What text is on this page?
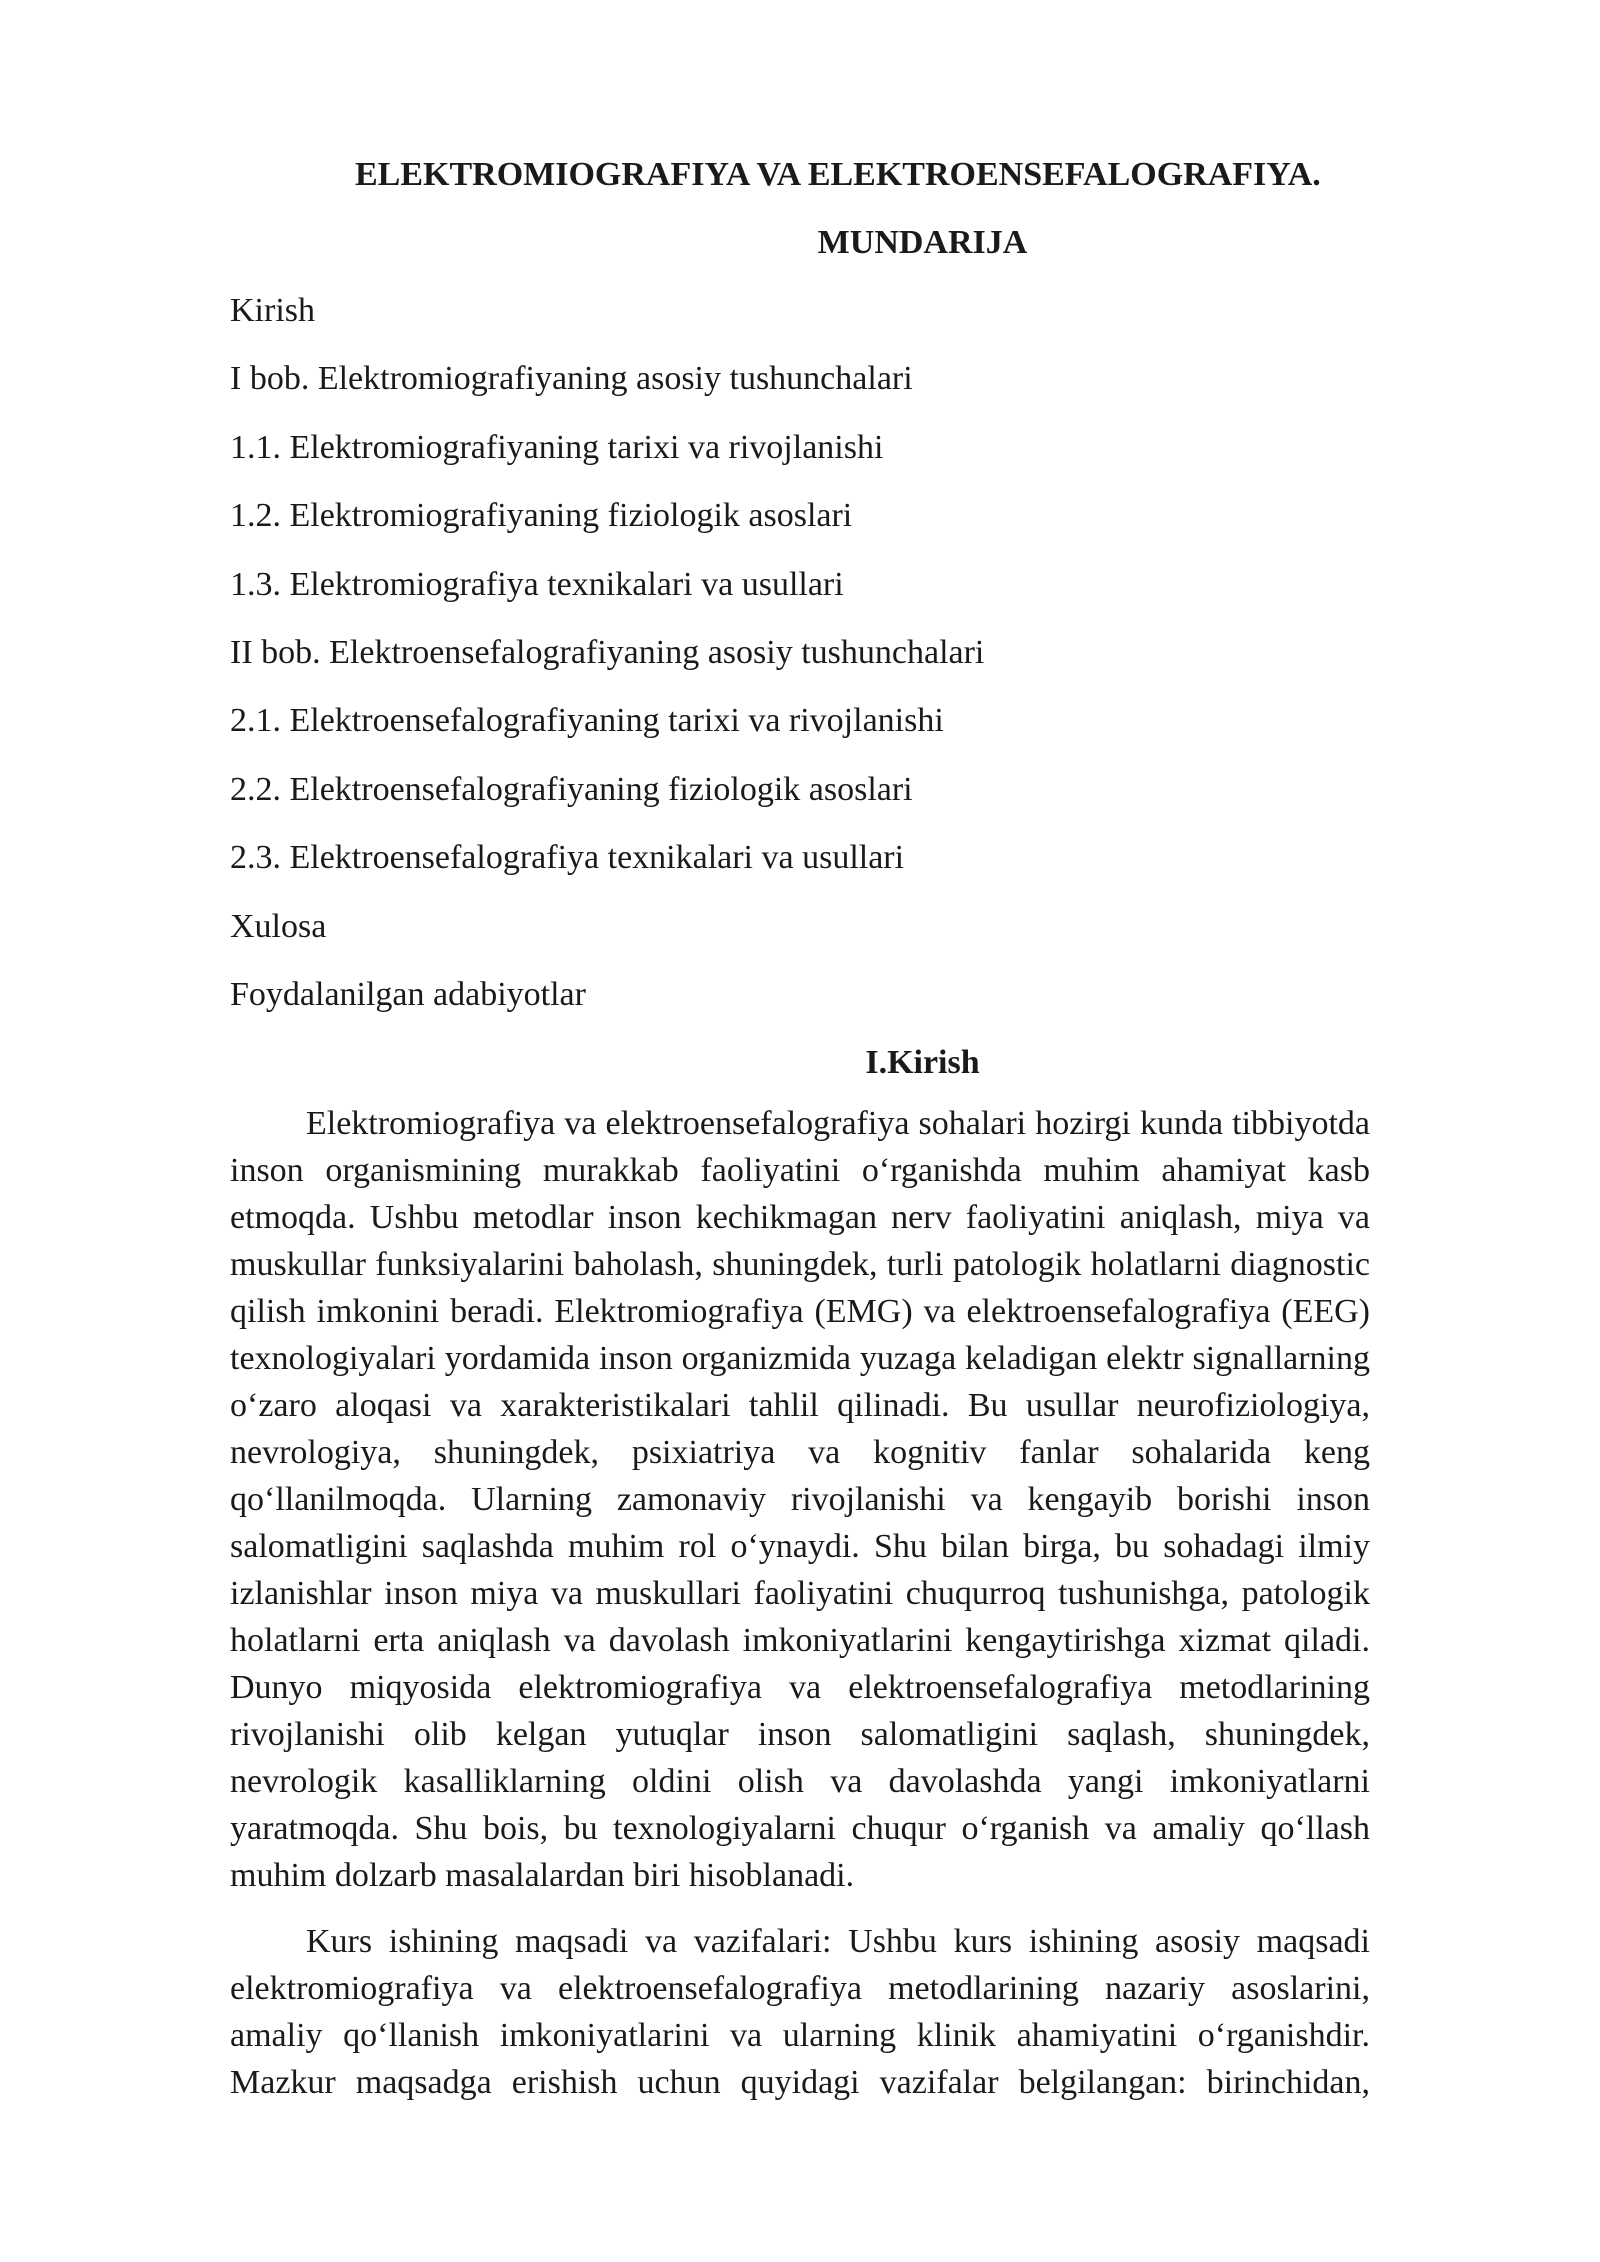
ELEKTROMIOGRAFIYA VA ELEKTROENSEFALOGRAFIYA.
MUNDARIJA
Kirish
I bob. Elektromiografiyaning asosiy tushunchalari
1.1. Elektromiografiyaning tarixi va rivojlanishi
1.2. Elektromiografiyaning fiziologik asoslari
1.3. Elektromiografiya texnikalari va usullari
II bob. Elektroensefalografiyaning asosiy tushunchalari
2.1. Elektroensefalografiyaning tarixi va rivojlanishi
2.2. Elektroensefalografiyaning fiziologik asoslari
2.3. Elektroensefalografiya texnikalari va usullari
Xulosa
Foydalanilgan adabiyotlar
I.Kirish

Elektromiografiya va elektroensefalografiya sohalari hozirgi kunda tibbiyotda inson organismining murakkab faoliyatini o‘rganishda muhim ahamiyat kasb etmoqda. Ushbu metodlar inson kechikmagan nerv faoliyatini aniqlash, miya va muskullar funksiyalarini baholash, shuningdek, turli patologik holatlarni diagnostic qilish imkonini beradi. Elektromiografiya (EMG) va elektroensefalografiya (EEG) texnologiyalari yordamida inson organizmida yuzaga keladigan elektr signallarning o‘zaro aloqasi va xarakteristikalari tahlil qilinadi. Bu usullar neurofiziologiya, nevrologiya, shuningdek, psixiatriya va kognitiv fanlar sohalarida keng qo‘llanilmoqda. Ularning zamonaviy rivojlanishi va kengayib borishi inson salomatligini saqlashda muhim rol o‘ynaydi. Shu bilan birga, bu sohadagi ilmiy izlanishlar inson miya va muskullari faoliyatini chuqurroq tushunishga, patologik holatlarni erta aniqlash va davolash imkoniyatlarini kengaytirishga xizmat qiladi. Dunyo miqyosida elektromiografiya va elektroensefalografiya metodlarining rivojlanishi olib kelgan yutuqlar inson salomatligini saqlash, shuningdek, nevrologik kasalliklarning oldini olish va davolashda yangi imkoniyatlarni yaratmoqda. Shu bois, bu texnologiyalarni chuqur o‘rganish va amaliy qo‘llash muhim dolzarb masalalardan biri hisoblanadi.

Kurs ishining maqsadi va vazifalari: Ushbu kurs ishining asosiy maqsadi elektromiografiya va elektroensefalografiya metodlarining nazariy asoslarini, amaliy qo‘llanish imkoniyatlarini va ularning klinik ahamiyatini o‘rganishdir. Mazkur maqsadga erishish uchun quyidagi vazifalar belgilangan: birinchidan,
